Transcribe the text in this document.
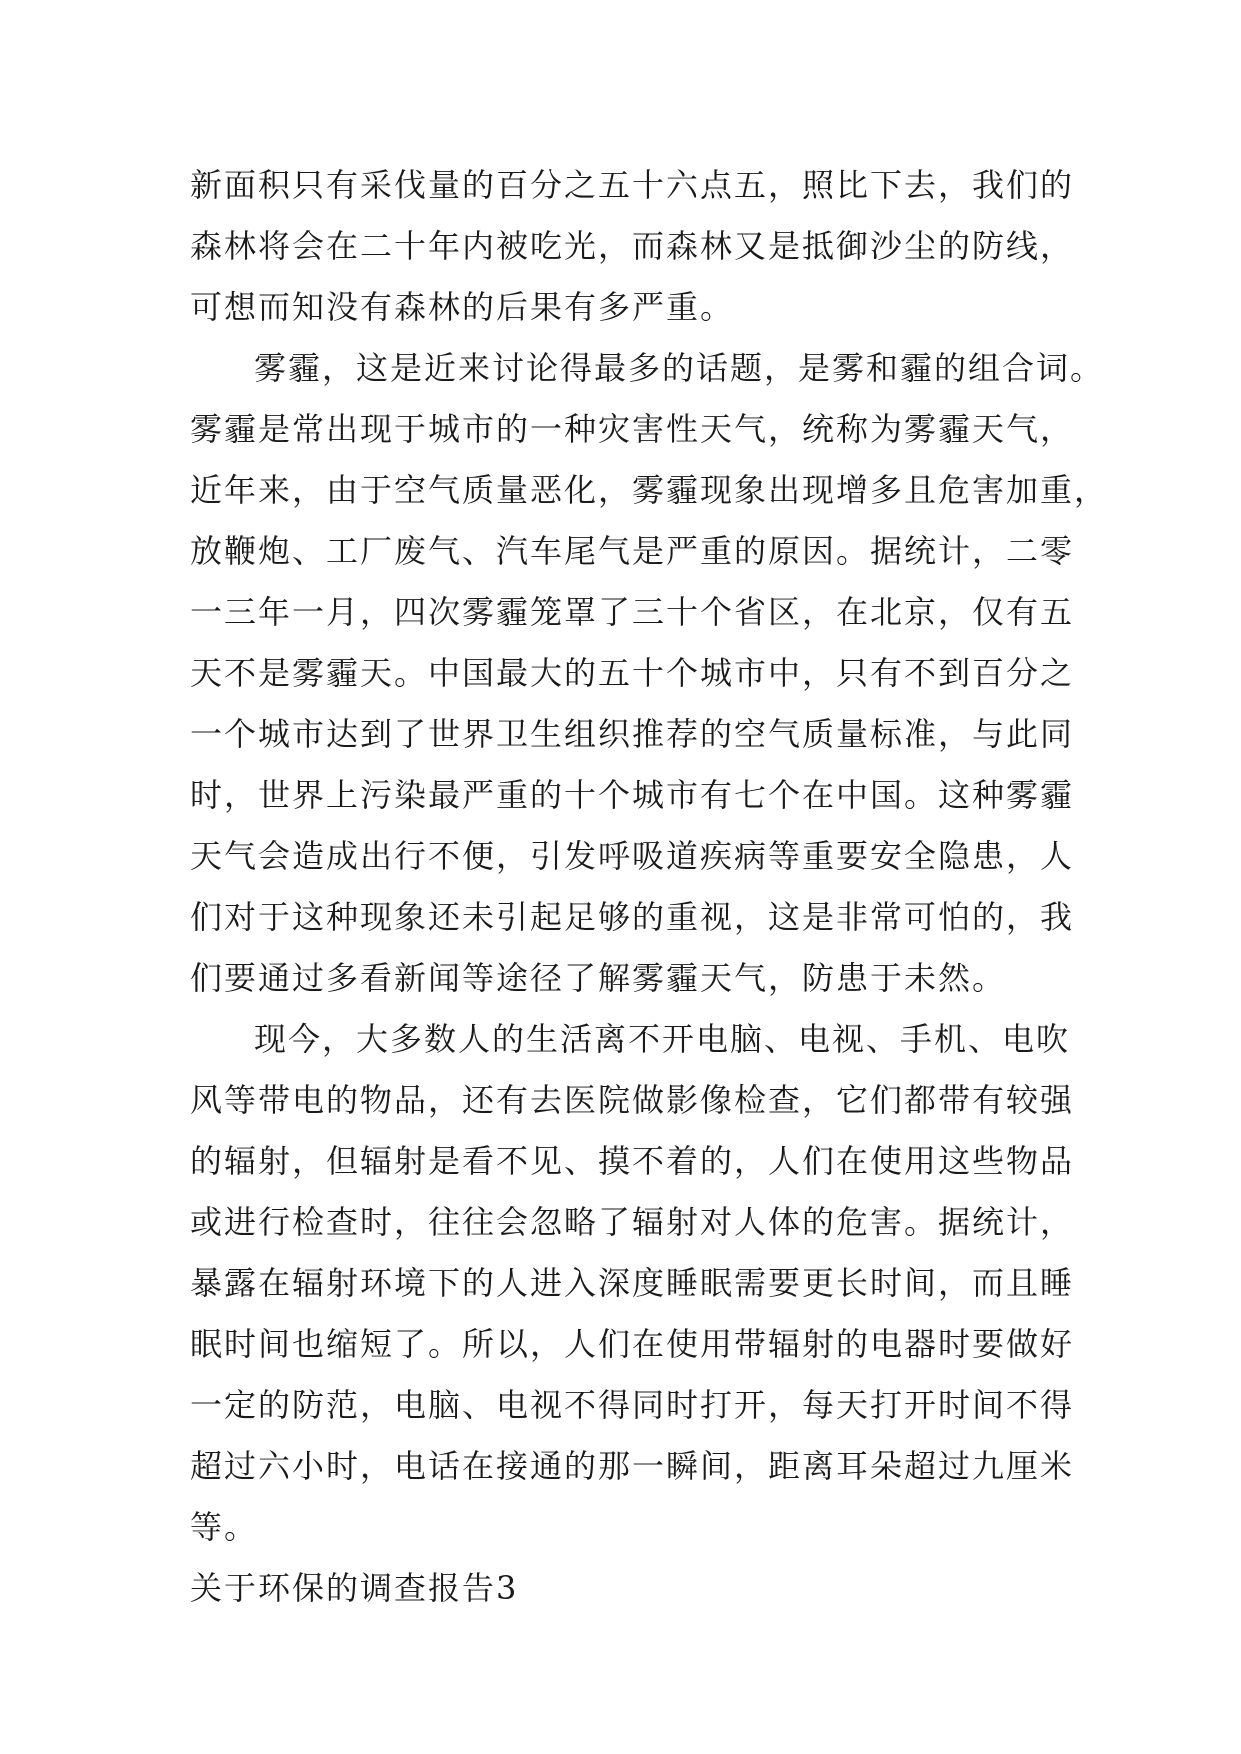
新面积只有采伐量的百分之五十六点五，照比下去，我们的
森林将会在二十年内被吃光，而森林又是抵御沙尘的防线，
可想而知没有森林的后果有多严重。
雾霾，这是近来讨论得最多的话题，是雾和霾的组合词。
雾霾是常出现于城市的一种灾害性天气，统称为雾霾天气，
近年来，由于空气质量恶化，雾霾现象出现增多且危害加重，
放鞭炮、工厂废气、汽车尾气是严重的原因。据统计，二零
一三年一月，四次雾霾笼罩了三十个省区，在北京，仅有五
天不是雾霾天。中国最大的五十个城市中，只有不到百分之
一个城市达到了世界卫生组织推荐的空气质量标准，与此同
时，世界上污染最严重的十个城市有七个在中国。这种雾霾
天气会造成出行不便，引发呼吸道疾病等重要安全隐患，人
们对于这种现象还未引起足够的重视，这是非常可怕的，我
们要通过多看新闻等途径了解雾霾天气，防患于未然。
现今，大多数人的生活离不开电脑、电视、手机、电吹
风等带电的物品，还有去医院做影像检查，它们都带有较强
的辐射，但辐射是看不见、摸不着的，人们在使用这些物品
或进行检查时，往往会忽略了辐射对人体的危害。据统计，
暴露在辐射环境下的人进入深度睡眠需要更长时间，而且睡
眠时间也缩短了。所以，人们在使用带辐射的电器时要做好
一定的防范，电脑、电视不得同时打开，每天打开时间不得
超过六小时，电话在接通的那一瞬间，距离耳朵超过九厘米
等。
关于环保的调查报告3
